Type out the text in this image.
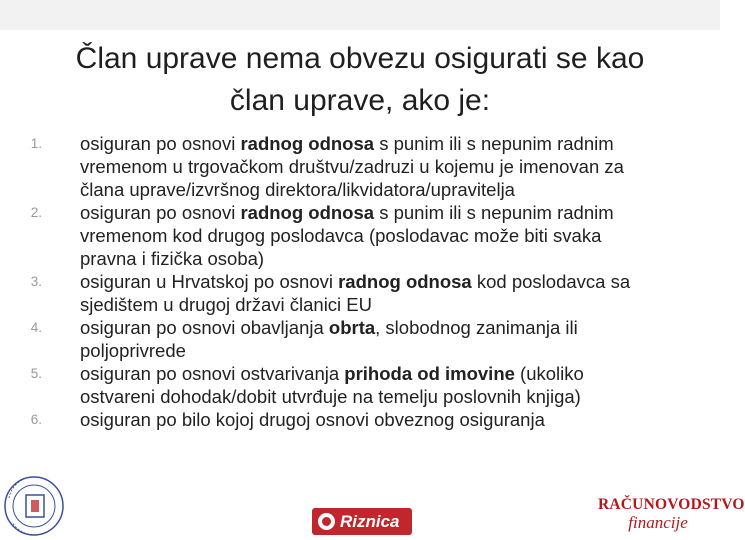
Član uprave nema obvezu osigurati se kao
član uprave, ako je:
1. osiguran po osnovi radnog odnosa s punim ili s nepunim radnim
vremenom u trgovačkom društvu/zadruzi u kojemu je imenovan za
člana uprave/izvršnog direktora/likvidatora/upravitelja
2. osiguran po osnovi radnog odnosa s punim ili s nepunim radnim
vremenom kod drugog poslodavca (poslodavac može biti svaka
pravna i fizička osoba)
3. osiguran u Hrvatskoj po osnovi radnog odnosa kod poslodavca sa
sjedištem u drugoj državi članici EU
4. osiguran po osnovi obavljanja obrta, slobodnog zanimanja ili
poljoprivrede
5. osiguran po osnovi ostvarivanja prihoda od imovine (ukoliko
ostvareni dohodak/dobit utvrđuje na temelju poslovnih knjiga)
6. osiguran po bilo kojoj drugoj osnovi obveznog osiguranja
Riznica
RAČUNOVODSTVO
financije
